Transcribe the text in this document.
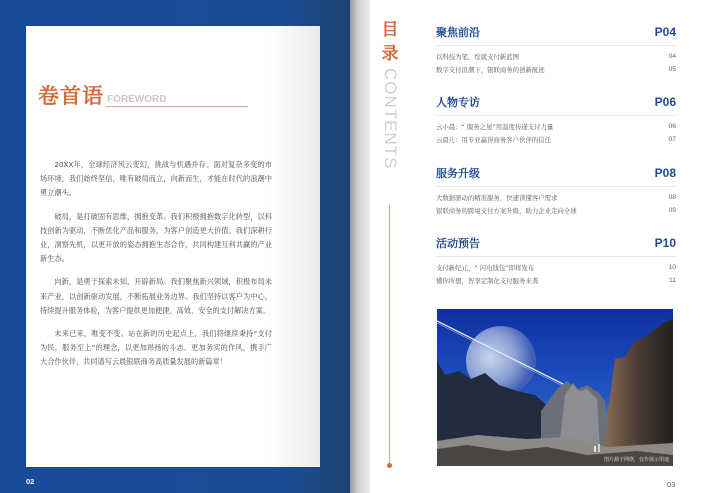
卷首语 FOREWORD

20XX年，全球经济风云变幻，挑战与机遇并存。面对复杂多变的市场环境，我们始终坚信，唯有破局而立，向新而生，才能在时代的浪潮中勇立潮头。

破局，是打破固有思维，拥抱变革。我们积极拥抱数字化转型，以科技创新为驱动，不断优化产品和服务，为客户创造更大价值。我们深耕行业，洞察先机，以更开放的姿态拥抱生态合作，共同构建互利共赢的产业新生态。

向新，是勇于探索未知，开辟新局。我们聚焦新兴领域，积极布局未来产业，以创新驱动发展，不断拓展业务边界。我们坚持以客户为中心，持续提升服务体验，为客户提供更加便捷、高效、安全的支付解决方案。

未来已来，唯变不变。站在新的历史起点上，我们将继续秉持“支付为民，服务至上”的理念，以更加昂扬的斗志、更加务实的作风，携手广大合作伙伴，共同谱写云晨银联商务高质量发展的新篇章！

02
目
录
CONTENTS
聚焦前沿	P04
以科技为笔，绘就支付新蓝图	04
数字支付浪潮下，银联商务的创新航迹	05
人物专访	P06
云小晨：“ 服务之星”用温度传递支付力量	06
云晨儿：用专业赢得商务客户伙伴的信任	07
服务升级	P08
大数据驱动的精准服务，快速读懂客户需求	08
银联商务的跨境支付方案升级，助力企业走向全球	09
活动预告	P10
支付新纪元，“ 闪电钱包”即将发布	10
懂你所想，智享定制化支付服务来袭	11
图片源于网络，仅作展示用途
03
